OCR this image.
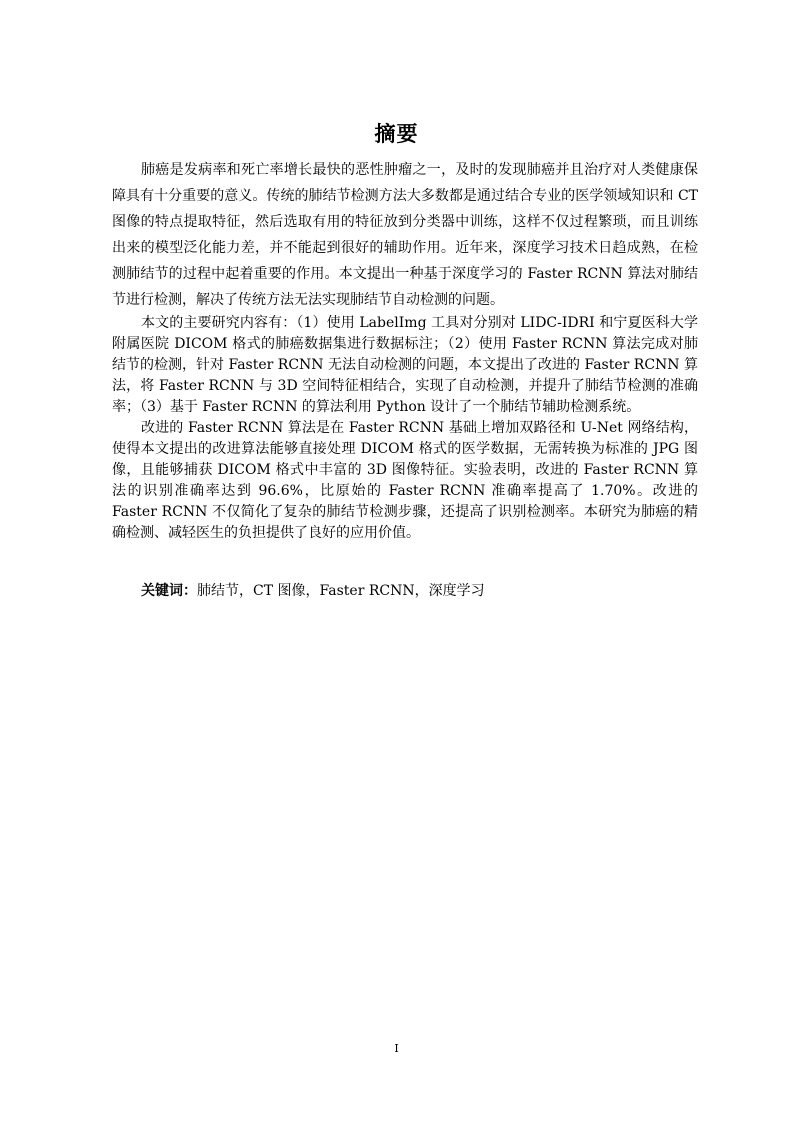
摘要

肺癌是发病率和死亡率增长最快的恶性肿瘤之一，及时的发现肺癌并且治疗对人类健康保障具有十分重要的意义。传统的肺结节检测方法大多数都是通过结合专业的医学领域知识和 CT 图像的特点提取特征，然后选取有用的特征放到分类器中训练，这样不仅过程繁琐，而且训练出来的模型泛化能力差，并不能起到很好的辅助作用。近年来，深度学习技术日趋成熟，在检测肺结节的过程中起着重要的作用。本文提出一种基于深度学习的 Faster RCNN 算法对肺结节进行检测，解决了传统方法无法实现肺结节自动检测的问题。

本文的主要研究内容有：（1）使用 LabelImg 工具对分别对 LIDC-IDRI 和宁夏医科大学附属医院 DICOM 格式的肺癌数据集进行数据标注；（2）使用 Faster RCNN 算法完成对肺结节的检测，针对 Faster RCNN 无法自动检测的问题，本文提出了改进的 Faster RCNN 算法，将 Faster RCNN 与 3D 空间特征相结合，实现了自动检测，并提升了肺结节检测的准确率；（3）基于 Faster RCNN 的算法利用 Python 设计了一个肺结节辅助检测系统。

改进的 Faster RCNN 算法是在 Faster RCNN 基础上增加双路径和 U-Net 网络结构，使得本文提出的改进算法能够直接处理 DICOM 格式的医学数据，无需转换为标准的 JPG 图像，且能够捕获 DICOM 格式中丰富的 3D 图像特征。实验表明，改进的 Faster RCNN 算法的识别准确率达到 96.6%，比原始的 Faster RCNN 准确率提高了 1.70%。改进的 Faster RCNN 不仅简化了复杂的肺结节检测步骤，还提高了识别检测率。本研究为肺癌的精确检测、减轻医生的负担提供了良好的应用价值。

关键词：肺结节，CT 图像，Faster RCNN，深度学习
I
